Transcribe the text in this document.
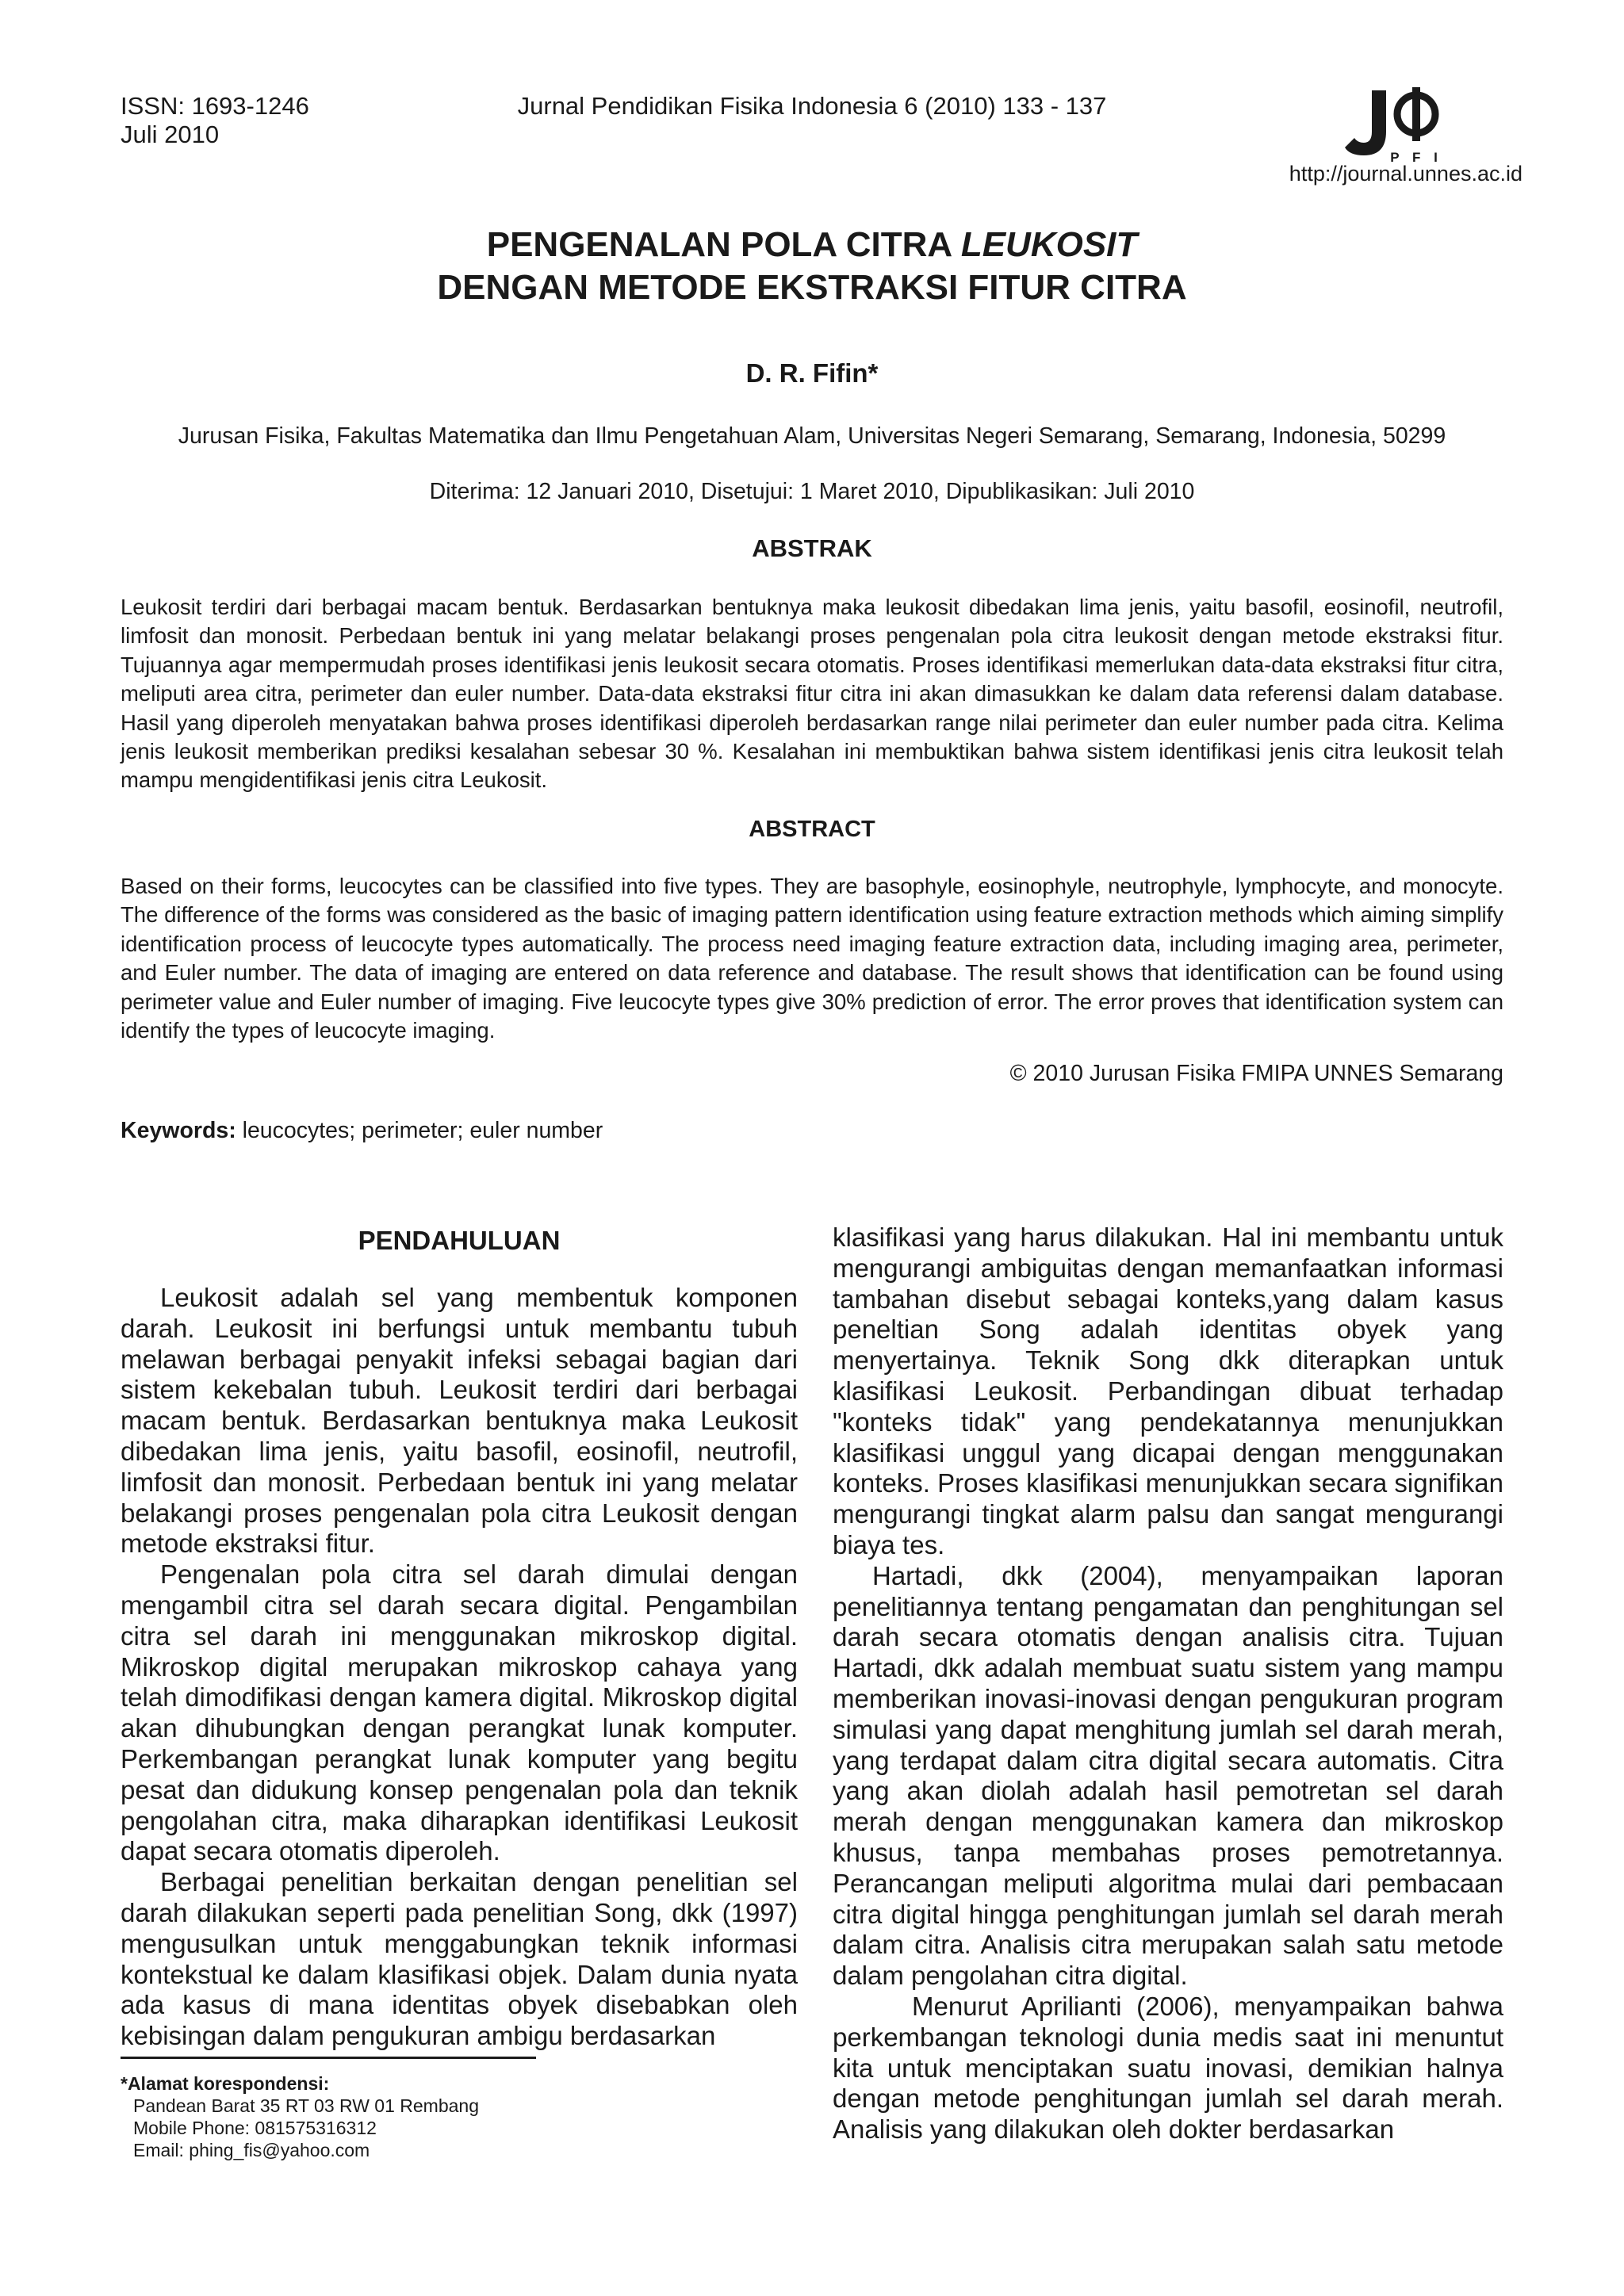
ISSN: 1693-1246
Juli 2010
Jurnal Pendidikan Fisika Indonesia 6 (2010) 133 - 137
P F I
http://journal.unnes.ac.id
PENGENALAN POLA CITRA LEUKOSIT
DENGAN METODE EKSTRAKSI FITUR CITRA
D. R. Fifin*
Jurusan Fisika, Fakultas Matematika dan Ilmu Pengetahuan Alam, Universitas Negeri Semarang, Semarang, Indonesia, 50299
Diterima: 12 Januari 2010, Disetujui: 1 Maret 2010, Dipublikasikan: Juli 2010
ABSTRAK
Leukosit terdiri dari berbagai macam bentuk. Berdasarkan bentuknya maka leukosit dibedakan lima jenis, yaitu basofil, eosinofil, neutrofil, limfosit dan monosit. Perbedaan bentuk ini yang melatar belakangi proses pengenalan pola citra leukosit dengan metode ekstraksi fitur. Tujuannya agar mempermudah proses identifikasi jenis leukosit secara otomatis. Proses identifikasi memerlukan data-data ekstraksi fitur citra, meliputi area citra, perimeter dan euler number. Data-data ekstraksi fitur citra ini akan dimasukkan ke dalam data referensi dalam database. Hasil yang diperoleh menyatakan bahwa proses identifikasi diperoleh berdasarkan range nilai perimeter dan euler number pada citra. Kelima jenis leukosit memberikan prediksi kesalahan sebesar 30 %. Kesalahan ini membuktikan bahwa sistem identifikasi jenis citra leukosit telah mampu mengidentifikasi jenis citra Leukosit.
ABSTRACT
Based on their forms, leucocytes can be classified into five types. They are basophyle, eosinophyle, neutrophyle, lymphocyte, and monocyte. The difference of the forms was considered as the basic of imaging pattern identification using feature extraction methods which aiming simplify identification process of leucocyte types automatically. The process need imaging feature extraction data, including imaging area, perimeter, and Euler number. The data of imaging are entered on data reference and database. The result shows that identification can be found using perimeter value and Euler number of imaging. Five leucocyte types give 30% prediction of error. The error proves that identification system can identify the types of leucocyte imaging.
© 2010 Jurusan Fisika FMIPA UNNES Semarang
Keywords: leucocytes; perimeter; euler number
PENDAHULUAN

Leukosit adalah sel yang membentuk komponen darah. Leukosit ini berfungsi untuk membantu tubuh melawan berbagai penyakit infeksi sebagai bagian dari sistem kekebalan tubuh. Leukosit terdiri dari berbagai macam bentuk. Berdasarkan bentuknya maka Leukosit dibedakan lima jenis, yaitu basofil, eosinofil, neutrofil, limfosit dan monosit. Perbedaan bentuk ini yang melatar belakangi proses pengenalan pola citra Leukosit dengan metode ekstraksi fitur.

Pengenalan pola citra sel darah dimulai dengan mengambil citra sel darah secara digital. Pengambilan citra sel darah ini menggunakan mikroskop digital. Mikroskop digital merupakan mikroskop cahaya yang telah dimodifikasi dengan kamera digital. Mikroskop digital akan dihubungkan dengan perangkat lunak komputer. Perkembangan perangkat lunak komputer yang begitu pesat dan didukung konsep pengenalan pola dan teknik pengolahan citra, maka diharapkan identifikasi Leukosit dapat secara otomatis diperoleh.

Berbagai penelitian berkaitan dengan penelitian sel darah dilakukan seperti pada penelitian Song, dkk (1997) mengusulkan untuk menggabungkan teknik informasi kontekstual ke dalam klasifikasi objek. Dalam dunia nyata ada kasus di mana identitas obyek disebabkan oleh kebisingan dalam pengukuran ambigu berdasarkan

klasifikasi yang harus dilakukan. Hal ini membantu untuk mengurangi ambiguitas dengan memanfaatkan informasi tambahan disebut sebagai konteks,yang dalam kasus peneltian Song adalah identitas obyek yang menyertainya. Teknik Song dkk diterapkan untuk klasifikasi Leukosit. Perbandingan dibuat terhadap "konteks tidak" yang pendekatannya menunjukkan klasifikasi unggul yang dicapai dengan menggunakan konteks. Proses klasifikasi menunjukkan secara signifikan mengurangi tingkat alarm palsu dan sangat mengurangi biaya tes.

Hartadi, dkk (2004), menyampaikan laporan penelitiannya tentang pengamatan dan penghitungan sel darah secara otomatis dengan analisis citra. Tujuan Hartadi, dkk adalah membuat suatu sistem yang mampu memberikan inovasi-inovasi dengan pengukuran program simulasi yang dapat menghitung jumlah sel darah merah, yang terdapat dalam citra digital secara automatis. Citra yang akan diolah adalah hasil pemotretan sel darah merah dengan menggunakan kamera dan mikroskop khusus, tanpa membahas proses pemotretannya. Perancangan meliputi algoritma mulai dari pembacaan citra digital hingga penghitungan jumlah sel darah merah dalam citra. Analisis citra merupakan salah satu metode dalam pengolahan citra digital.

Menurut Aprilianti (2006), menyampaikan bahwa perkembangan teknologi dunia medis saat ini menuntut kita untuk menciptakan suatu inovasi, demikian halnya dengan metode penghitungan jumlah sel darah merah. Analisis yang dilakukan oleh dokter berdasarkan

*Alamat korespondensi:
Pandean Barat 35 RT 03 RW 01 Rembang
Mobile Phone: 081575316312
Email: phing_fis@yahoo.com
